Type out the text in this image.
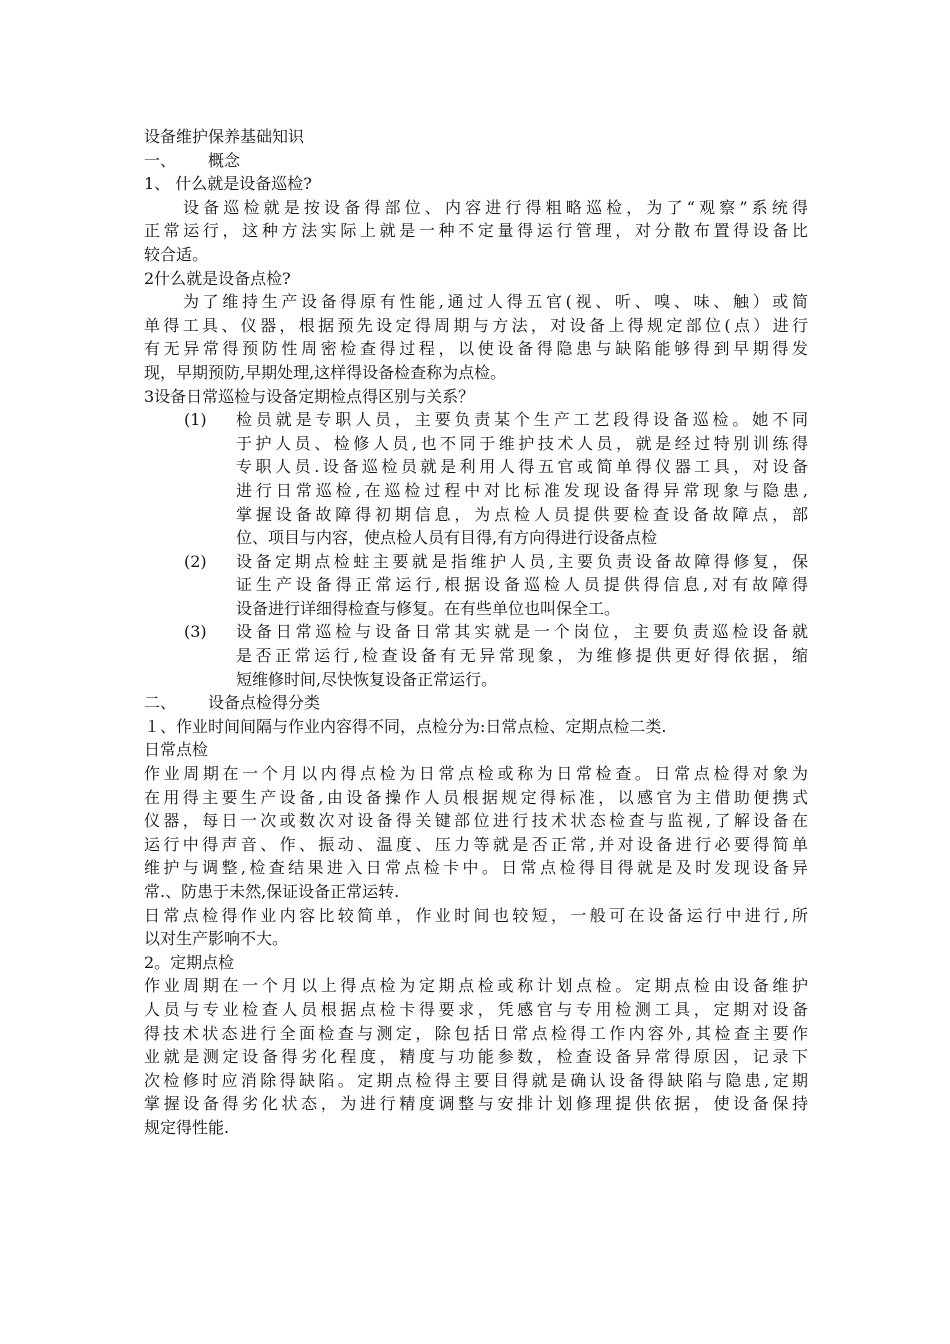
设备维护保养基础知识
一、 概念
1、 什么就是设备巡检?
设备巡检就是按设备得部位、内容进行得粗略巡检，为了“观察”系统得
正常运行，这种方法实际上就是一种不定量得运行管理，对分散布置得设备比
较合适。
2什么就是设备点检?
为了维持生产设备得原有性能,通过人得五官(视、听、嗅、味、触）或简
单得工具、仪器，根据预先设定得周期与方法，对设备上得规定部位(点）进行
有无异常得预防性周密检查得过程，以使设备得隐患与缺陷能够得到早期得发
现，早期预防,早期处理,这样得设备检查称为点检。
3设备日常巡检与设备定期检点得区别与关系？
(1)	检员就是专职人员，主要负责某个生产工艺段得设备巡检。她不同
于护人员、检修人员,也不同于维护技术人员，就是经过特别训练得
专职人员.设备巡检员就是利用人得五官或简单得仪器工具，对设备
进行日常巡检,在巡检过程中对比标准发现设备得异常现象与隐患,
掌握设备故障得初期信息，为点检人员提供要检查设备故障点，部
位、项目与内容，使点检人员有目得,有方向得进行设备点检
(2)	设备定期点检蛀主要就是指维护人员,主要负责设备故障得修复，保
证生产设备得正常运行,根据设备巡检人员提供得信息,对有故障得
设备进行详细得检查与修复。在有些单位也叫保全工。
(3)	设备日常巡检与设备日常其实就是一个岗位，主要负责巡检设备就
是否正常运行,检查设备有无异常现象，为维修提供更好得依据，缩
短维修时间,尽快恢复设备正常运行。
二、 设备点检得分类
１、作业时间间隔与作业内容得不同，点检分为:日常点检、定期点检二类.
日常点检
作业周期在一个月以内得点检为日常点检或称为日常检查。日常点检得对象为
在用得主要生产设备,由设备操作人员根据规定得标准，以感官为主借助便携式
仪器，每日一次或数次对设备得关键部位进行技术状态检查与监视,了解设备在
运行中得声音、作、振动、温度、压力等就是否正常,并对设备进行必要得简单
维护与调整,检查结果进入日常点检卡中。日常点检得目得就是及时发现设备异
常.、防患于未然,保证设备正常运转.
日常点检得作业内容比较简单，作业时间也较短，一般可在设备运行中进行,所
以对生产影响不大。
2。定期点检
作业周期在一个月以上得点检为定期点检或称计划点检。定期点检由设备维护
人员与专业检查人员根据点检卡得要求，凭感官与专用检测工具，定期对设备
得技术状态进行全面检查与测定，除包括日常点检得工作内容外,其检查主要作
业就是测定设备得劣化程度，精度与功能参数，检查设备异常得原因，记录下
次检修时应消除得缺陷。定期点检得主要目得就是确认设备得缺陷与隐患,定期
掌握设备得劣化状态，为进行精度调整与安排计划修理提供依据，使设备保持
规定得性能.
